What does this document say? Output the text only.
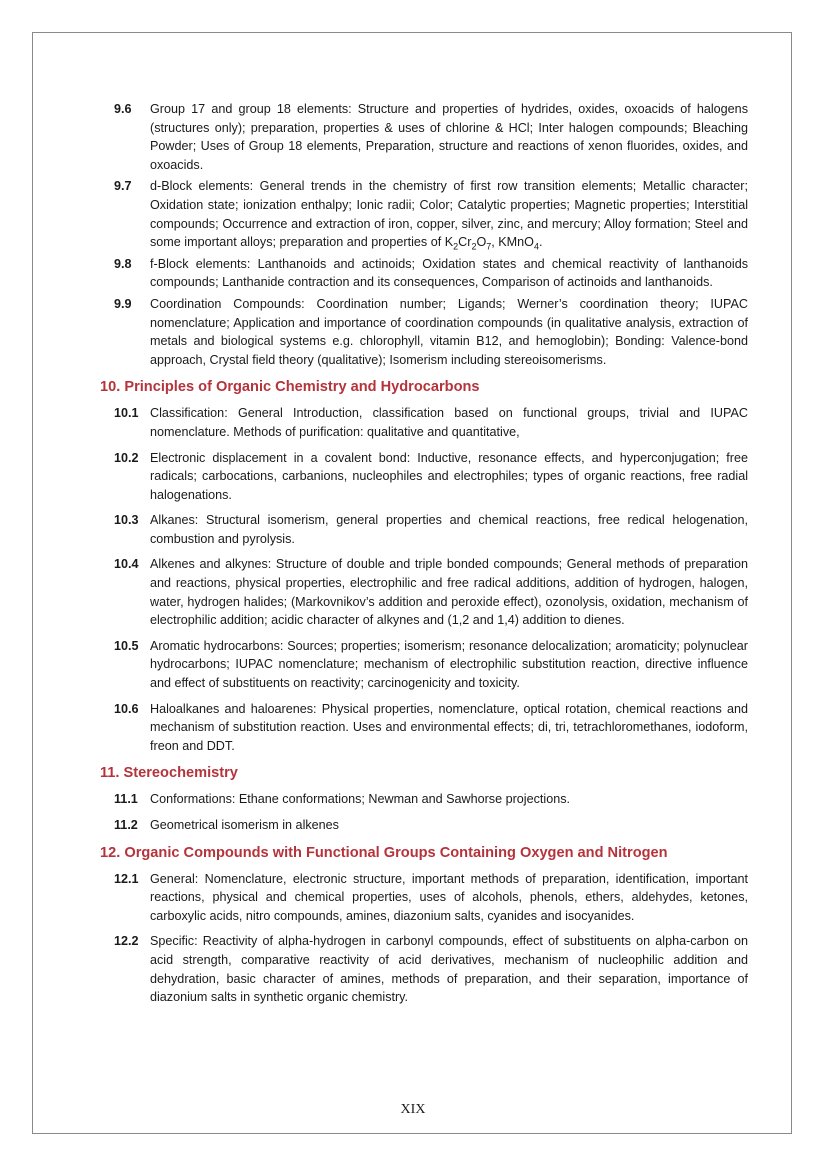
9.6	Group 17 and group 18 elements: Structure and properties of hydrides, oxides, oxoacids of halogens (structures only); preparation, properties & uses of chlorine & HCl; Inter halogen compounds; Bleaching Powder; Uses of Group 18 elements, Preparation, structure and reactions of xenon fluorides, oxides, and oxoacids.
9.7	d-Block elements: General trends in the chemistry of first row transition elements; Metallic character; Oxidation state; ionization enthalpy; Ionic radii; Color; Catalytic properties; Magnetic properties; Interstitial compounds; Occurrence and extraction of iron, copper, silver, zinc, and mercury; Alloy formation; Steel and some important alloys; preparation and properties of $K_2Cr_2O_7$, KMnO$_4$.
9.8	f-Block elements: Lanthanoids and actinoids; Oxidation states and chemical reactivity of lanthanoids compounds; Lanthanide contraction and its consequences, Comparison of actinoids and lanthanoids.
9.9	Coordination Compounds: Coordination number; Ligands; Werner’s coordination theory; IUPAC nomenclature; Application and importance of coordination compounds (in qualitative analysis, extraction of metals and biological systems e.g. chlorophyll, vitamin B12, and hemoglobin); Bonding: Valence-bond approach, Crystal field theory (qualitative); Isomerism including stereoisomerisms.
10. Principles of Organic Chemistry and Hydrocarbons
10.1 Classification: General Introduction, classification based on functional groups, trivial and IUPAC nomenclature. Methods of purification: qualitative and quantitative,
10.2 Electronic displacement in a covalent bond: Inductive, resonance effects, and hyperconjugation; free radicals; carbocations, carbanions, nucleophiles and electrophiles; types of organic reactions, free radial halogenations.
10.3 Alkanes: Structural isomerism, general properties and chemical reactions, free redical helogenation, combustion and pyrolysis.
10.4 Alkenes and alkynes: Structure of double and triple bonded compounds; General methods of preparation and reactions, physical properties, electrophilic and free radical additions, addition of hydrogen, halogen, water, hydrogen halides; (Markovnikov’s addition and peroxide effect), ozonolysis, oxidation, mechanism of electrophilic addition; acidic character of alkynes and (1,2 and 1,4) addition to dienes.
10.5 Aromatic hydrocarbons: Sources; properties; isomerism; resonance delocalization; aromaticity; polynuclear hydrocarbons; IUPAC nomenclature; mechanism of electrophilic substitution reaction, directive influence and effect of substituents on reactivity; carcinogenicity and toxicity.
10.6 Haloalkanes and haloarenes: Physical properties, nomenclature, optical rotation, chemical reactions and mechanism of substitution reaction. Uses and environmental effects; di, tri, tetrachloromethanes, iodoform, freon and DDT.
11. Stereochemistry
11.1 Conformations: Ethane conformations; Newman and Sawhorse projections.
11.2 Geometrical isomerism in alkenes
12. Organic Compounds with Functional Groups Containing Oxygen and Nitrogen
12.1 General: Nomenclature, electronic structure, important methods of preparation, identification, important reactions, physical and chemical properties, uses of alcohols, phenols, ethers, aldehydes, ketones, carboxylic acids, nitro compounds, amines, diazonium salts, cyanides and isocyanides.
12.2 Specific: Reactivity of alpha-hydrogen in carbonyl compounds, effect of substituents on alpha-carbon on acid strength, comparative reactivity of acid derivatives, mechanism of nucleophilic addition and dehydration, basic character of amines, methods of preparation, and their separation, importance of diazonium salts in synthetic organic chemistry.
XIX
